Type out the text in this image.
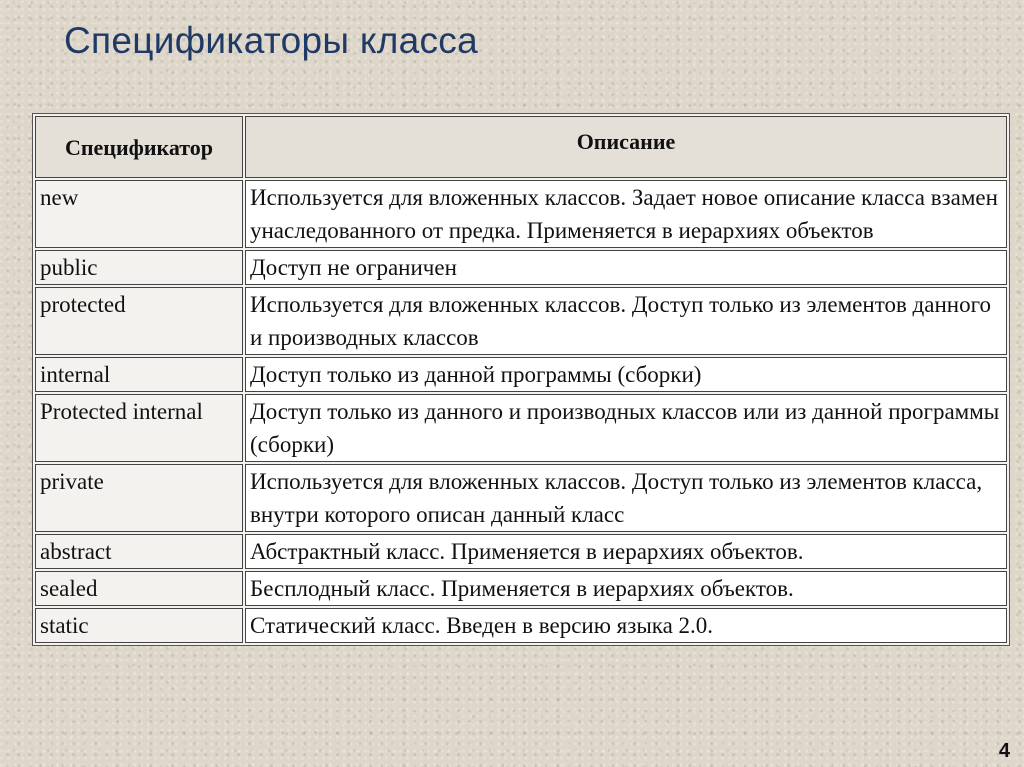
Спецификаторы класса
Спецификатор	Описание
new	Используется для вложенных классов. Задает новое описание класса взамен унаследованного от предка. Применяется в иерархиях объектов
public	Доступ не ограничен
protected	Используется для вложенных классов. Доступ только из элементов данного и производных классов
internal	Доступ только из данной программы (сборки)
Protected internal	Доступ только из данного и производных классов или из данной программы (сборки)
private	Используется для вложенных классов. Доступ только из элементов класса, внутри которого описан данный класс
abstract	Абстрактный класс. Применяется в иерархиях объектов.
sealed	Бесплодный класс. Применяется в иерархиях объектов.
static	Статический класс. Введен в версию языка 2.0.
4
